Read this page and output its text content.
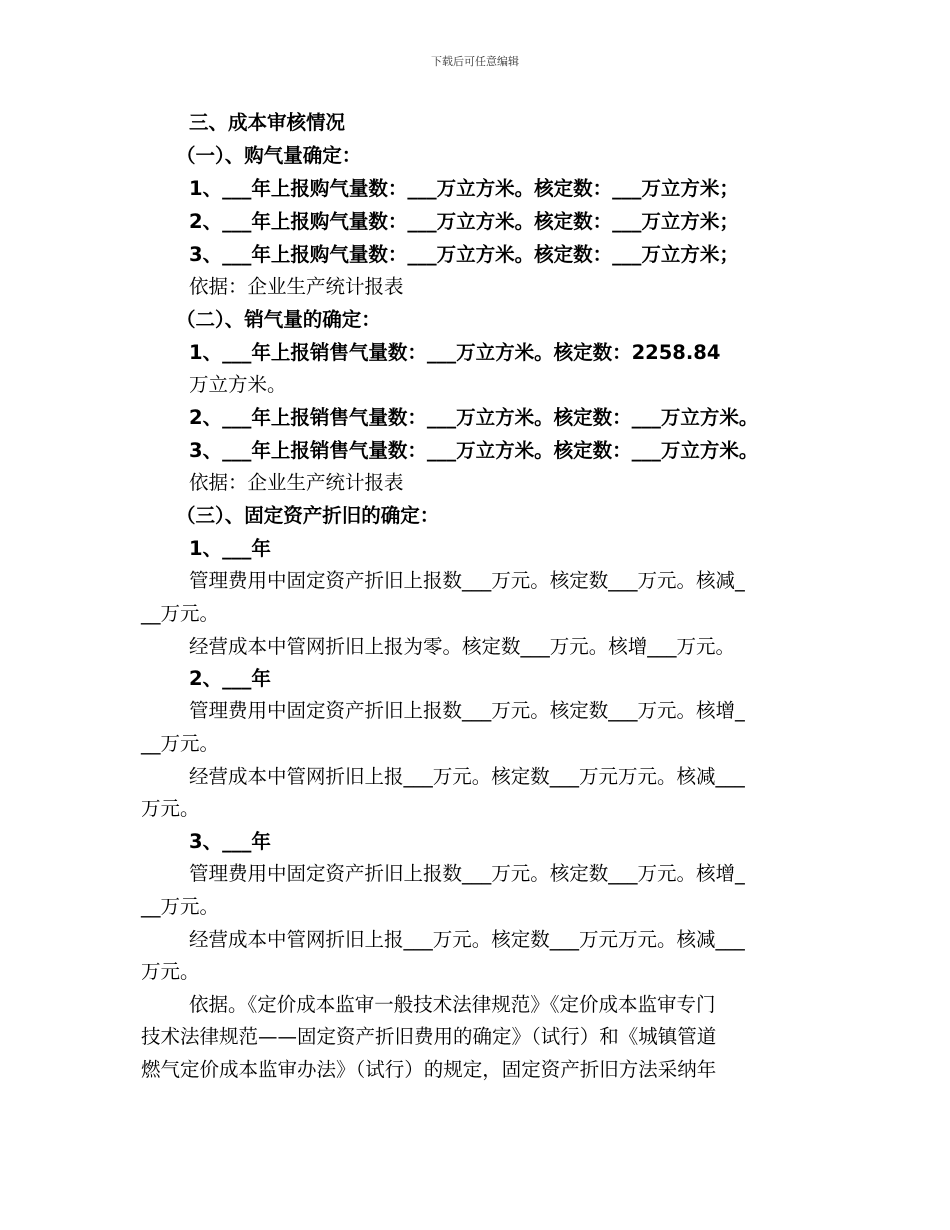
下载后可任意编辑
三、成本审核情况
（一）、购气量确定：
1、___年上报购气量数：___万立方米。核定数：___万立方米；
2、___年上报购气量数：___万立方米。核定数：___万立方米；
3、___年上报购气量数：___万立方米。核定数：___万立方米；
依据：企业生产统计报表
（二）、销气量的确定：
1、___年上报销售气量数：___万立方米。核定数：2258.84
万立方米。
2、___年上报销售气量数：___万立方米。核定数：___万立方米。
3、___年上报销售气量数：___万立方米。核定数：___万立方米。
依据：企业生产统计报表
（三）、固定资产折旧的确定：
1、___年
管理费用中固定资产折旧上报数___万元。核定数___万元。核减_
__万元。
经营成本中管网折旧上报为零。核定数___万元。核增___万元。
2、___年
管理费用中固定资产折旧上报数___万元。核定数___万元。核增_
__万元。
经营成本中管网折旧上报___万元。核定数___万元万元。核减___
万元。
3、___年
管理费用中固定资产折旧上报数___万元。核定数___万元。核增_
__万元。
经营成本中管网折旧上报___万元。核定数___万元万元。核减___
万元。
依据。《定价成本监审一般技术法律规范》《定价成本监审专门
技术法律规范——固定资产折旧费用的确定》（试行）和《城镇管道
燃气定价成本监审办法》（试行）的规定，固定资产折旧方法采纳年
